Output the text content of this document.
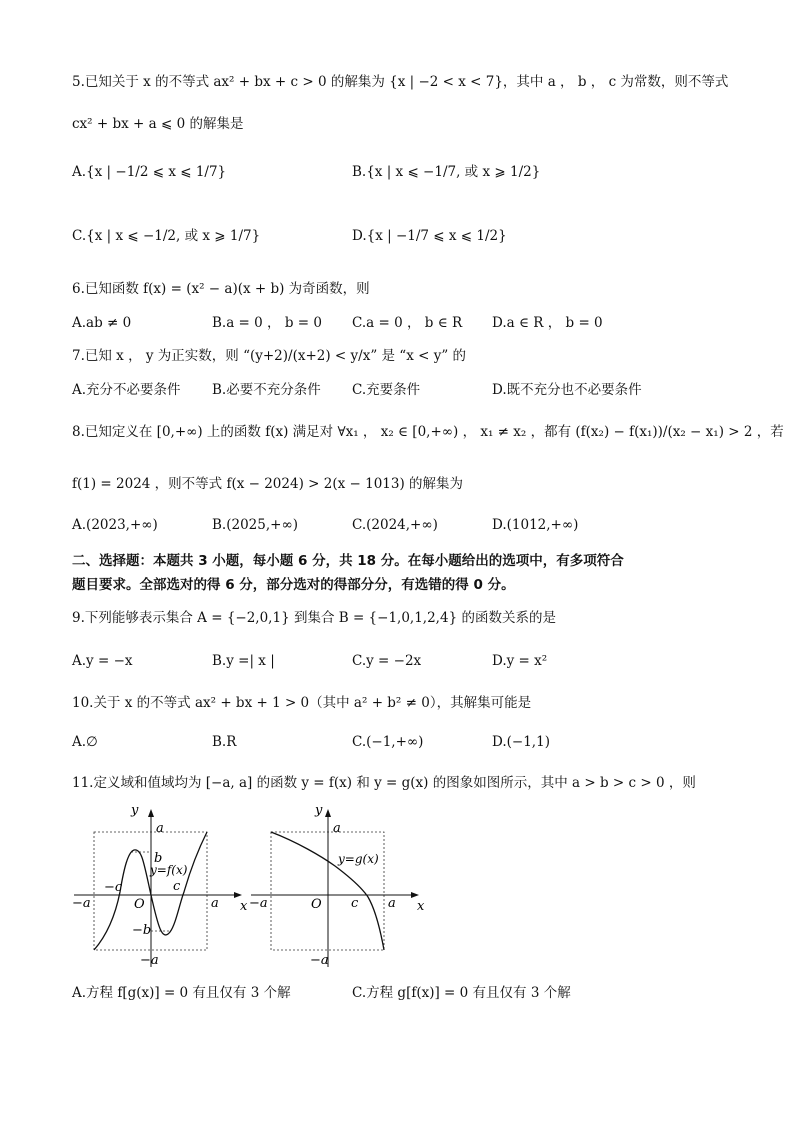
5.已知关于 x 的不等式 ax² + bx + c > 0 的解集为 {x | −2 < x < 7}，其中 a ， b ， c 为常数，则不等式
cx² + bx + a ⩽ 0 的解集是
A.{x | −1/2 ⩽ x ⩽ 1/7}	B.{x | x ⩽ −1/7, 或 x ⩾ 1/2}
C.{x | x ⩽ −1/2, 或 x ⩾ 1/7}	D.{x | −1/7 ⩽ x ⩽ 1/2}
6.已知函数 f(x) = (x² − a)(x + b) 为奇函数，则
A.ab ≠ 0	B.a = 0 ， b = 0 C.a = 0 ， b ∈ R D.a ∈ R ， b = 0
7.已知 x ， y 为正实数，则 “(y+2)/(x+2) < y/x” 是 “x < y” 的
A.充分不必要条件 B.必要不充分条件 C.充要条件	D.既不充分也不必要条件
8.已知定义在 [0,+∞) 上的函数 f(x) 满足对 ∀x₁ ， x₂ ∈ [0,+∞) ， x₁ ≠ x₂ ，都有 (f(x₂) − f(x₁))/(x₂ − x₁) > 2 ，若
f(1) = 2024 ，则不等式 f(x − 2024) > 2(x − 1013) 的解集为
A.(2023,+∞)	B.(2025,+∞)	C.(2024,+∞)	D.(1012,+∞)
二、选择题：本题共 3 小题，每小题 6 分，共 18 分。在每小题给出的选项中，有多项符合
题目要求。全部选对的得 6 分，部分选对的得部分分，有选错的得 0 分。
9.下列能够表示集合 A = {−2,0,1} 到集合 B = {−1,0,1,2,4} 的函数关系的是
A.y = −x	B.y =| x |	C.y = −2x	D.y = x²
10.关于 x 的不等式 ax² + bx + 1 > 0（其中 a² + b² ≠ 0），其解集可能是
A.∅	B.R	C.(−1,+∞)	D.(−1,1)
11.定义域和值域均为 [−a, a] 的函数 y = f(x) 和 y = g(x) 的图象如图所示，其中 a > b > c > 0 ，则
y
x
a
−a
−a	a
O
b
−b
c
−c
y=f(x)
y
x
a
−a
−a	a
O c
y=g(x)
A.方程 f[g(x)] = 0 有且仅有 3 个解	C.方程 g[f(x)] = 0 有且仅有 3 个解
